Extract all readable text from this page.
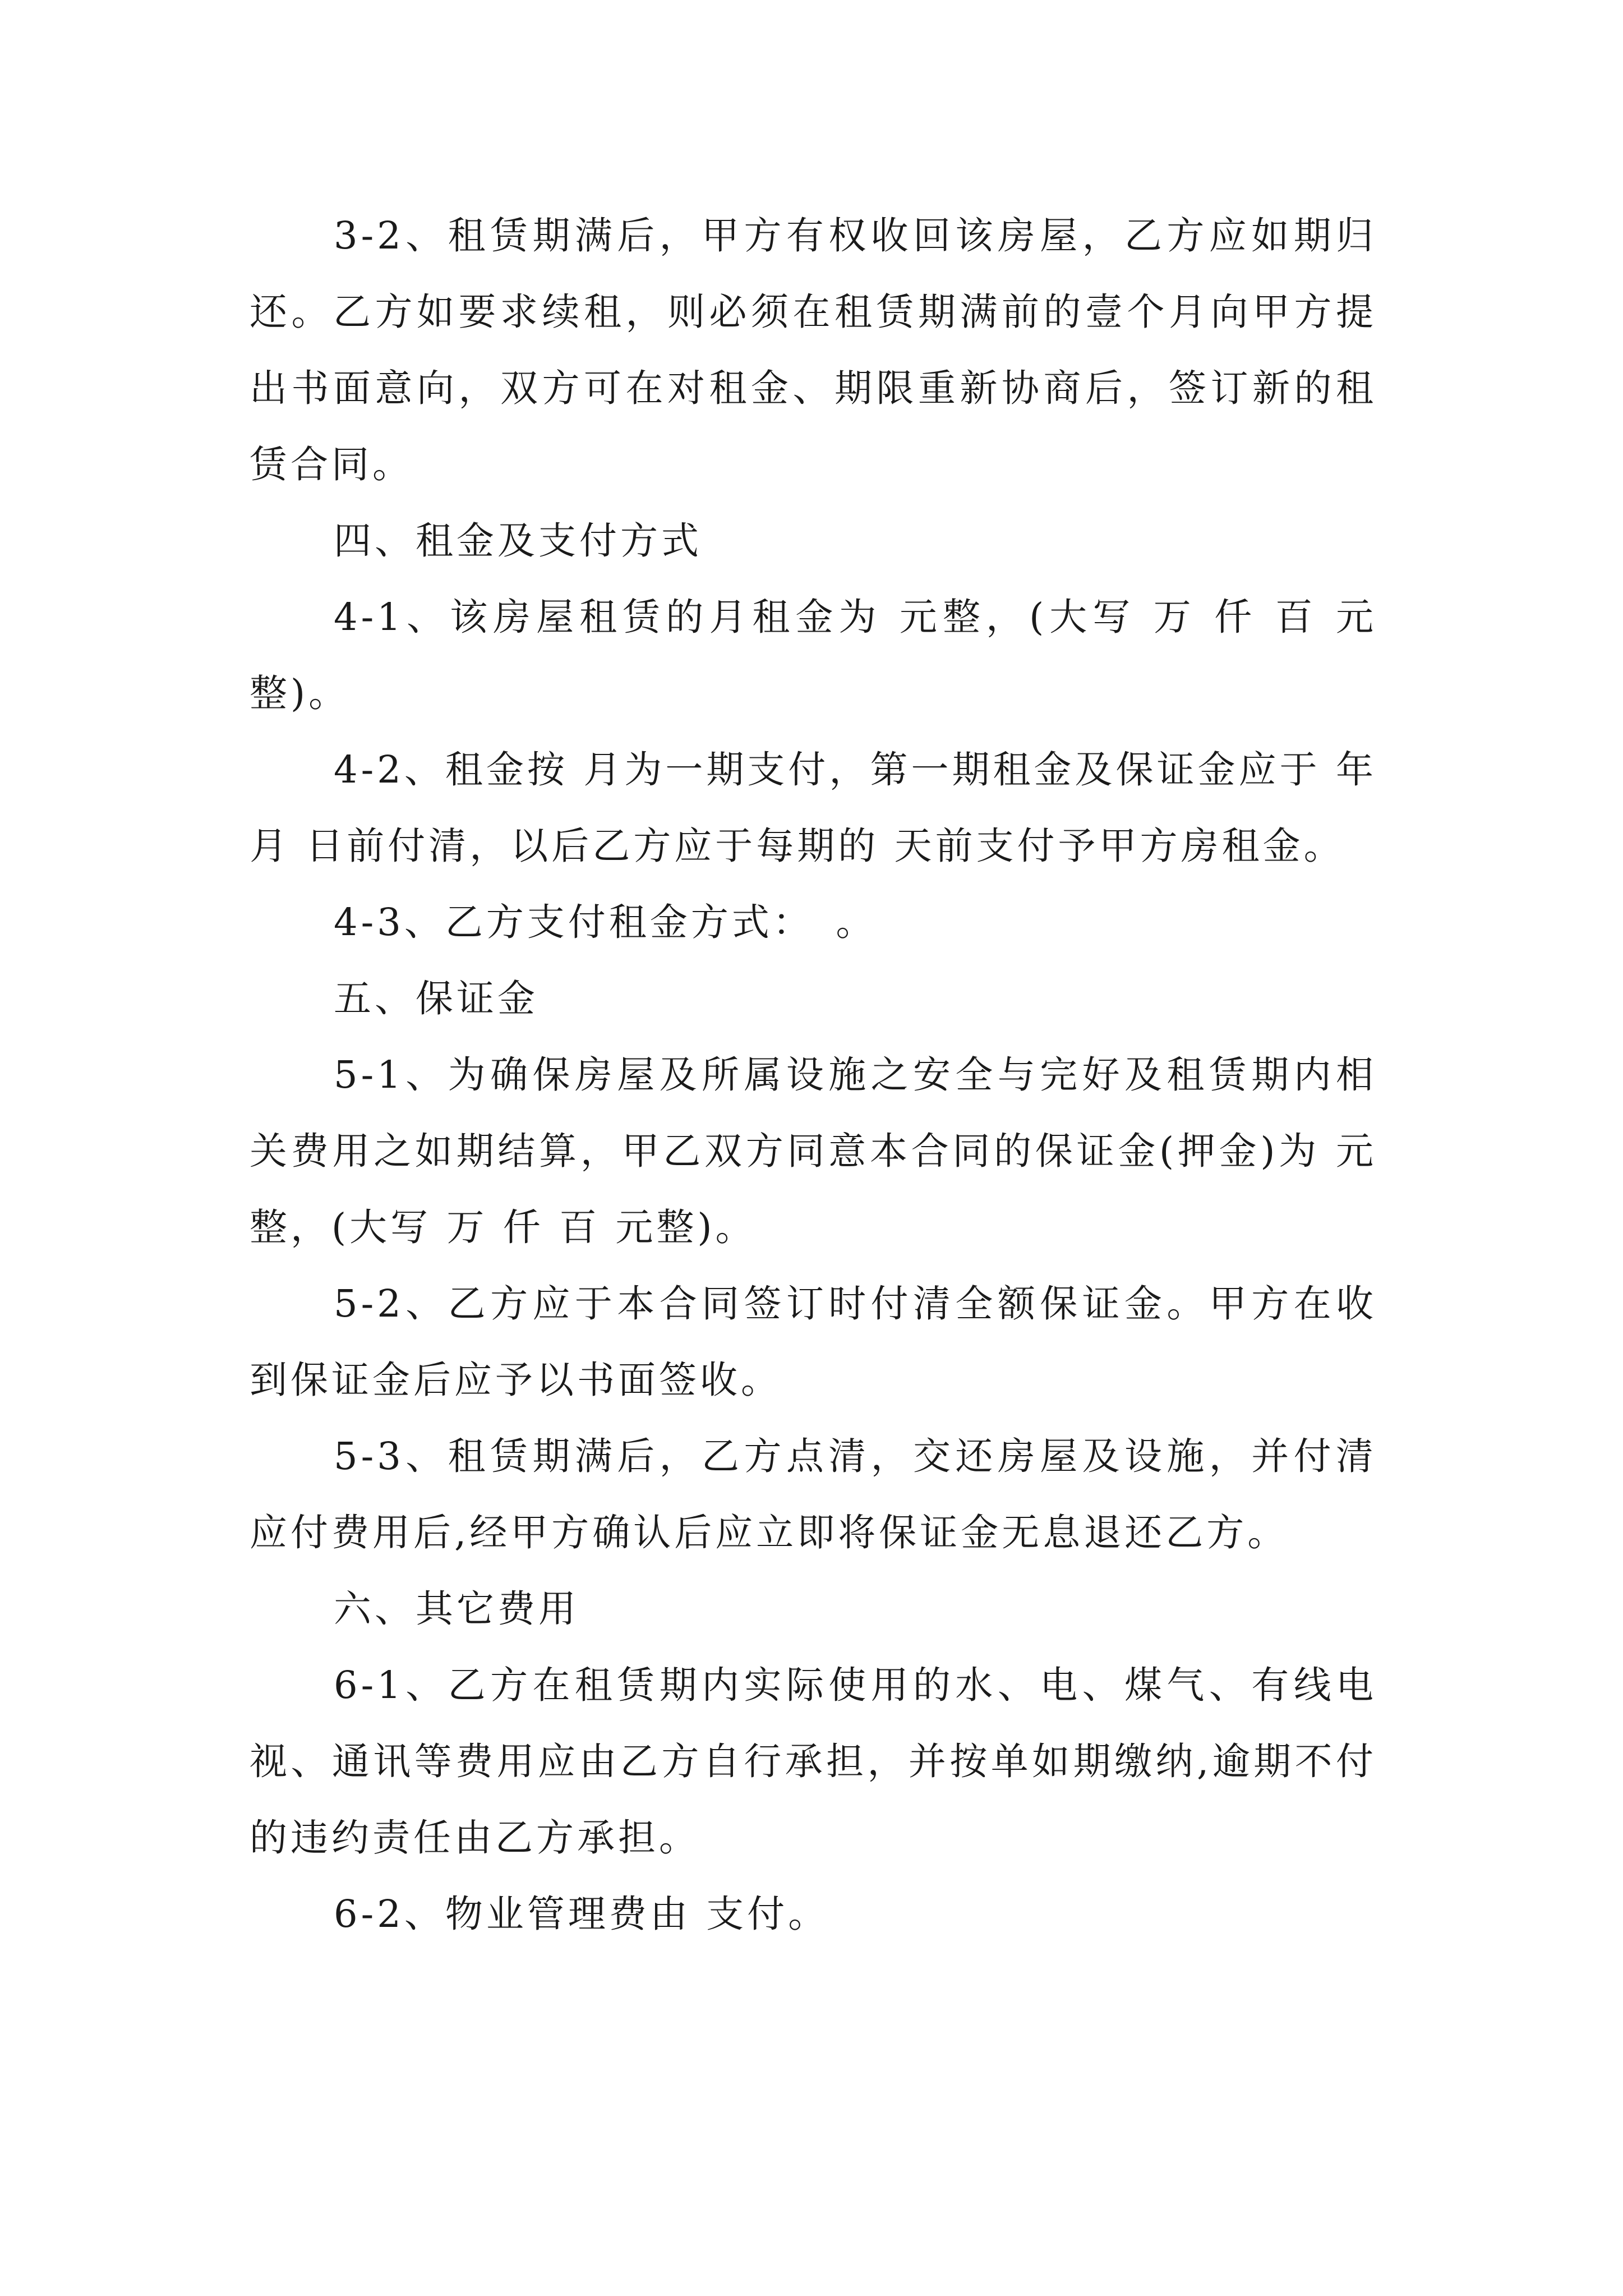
3-2、租赁期满后，甲方有权收回该房屋，乙方应如期归还。乙方如要求续租，则必须在租赁期满前的壹个月向甲方提出书面意向，双方可在对租金、期限重新协商后，签订新的租赁合同。

四、租金及支付方式

4-1、该房屋租赁的月租金为 元整，(大写 万 仟 百 元整)。

4-2、租金按 月为一期支付，第一期租金及保证金应于 年 月 日前付清，以后乙方应于每期的 天前支付予甲方房租金。

4-3、乙方支付租金方式：　。

五、保证金

5-1、为确保房屋及所属设施之安全与完好及租赁期内相关费用之如期结算，甲乙双方同意本合同的保证金(押金)为 元整，(大写 万 仟 百 元整)。

5-2、乙方应于本合同签订时付清全额保证金。甲方在收到保证金后应予以书面签收。

5-3、租赁期满后，乙方点清，交还房屋及设施，并付清应付费用后,经甲方确认后应立即将保证金无息退还乙方。

六、其它费用

6-1、乙方在租赁期内实际使用的水、电、煤气、有线电视、通讯等费用应由乙方自行承担，并按单如期缴纳,逾期不付的违约责任由乙方承担。

6-2、物业管理费由 支付。
